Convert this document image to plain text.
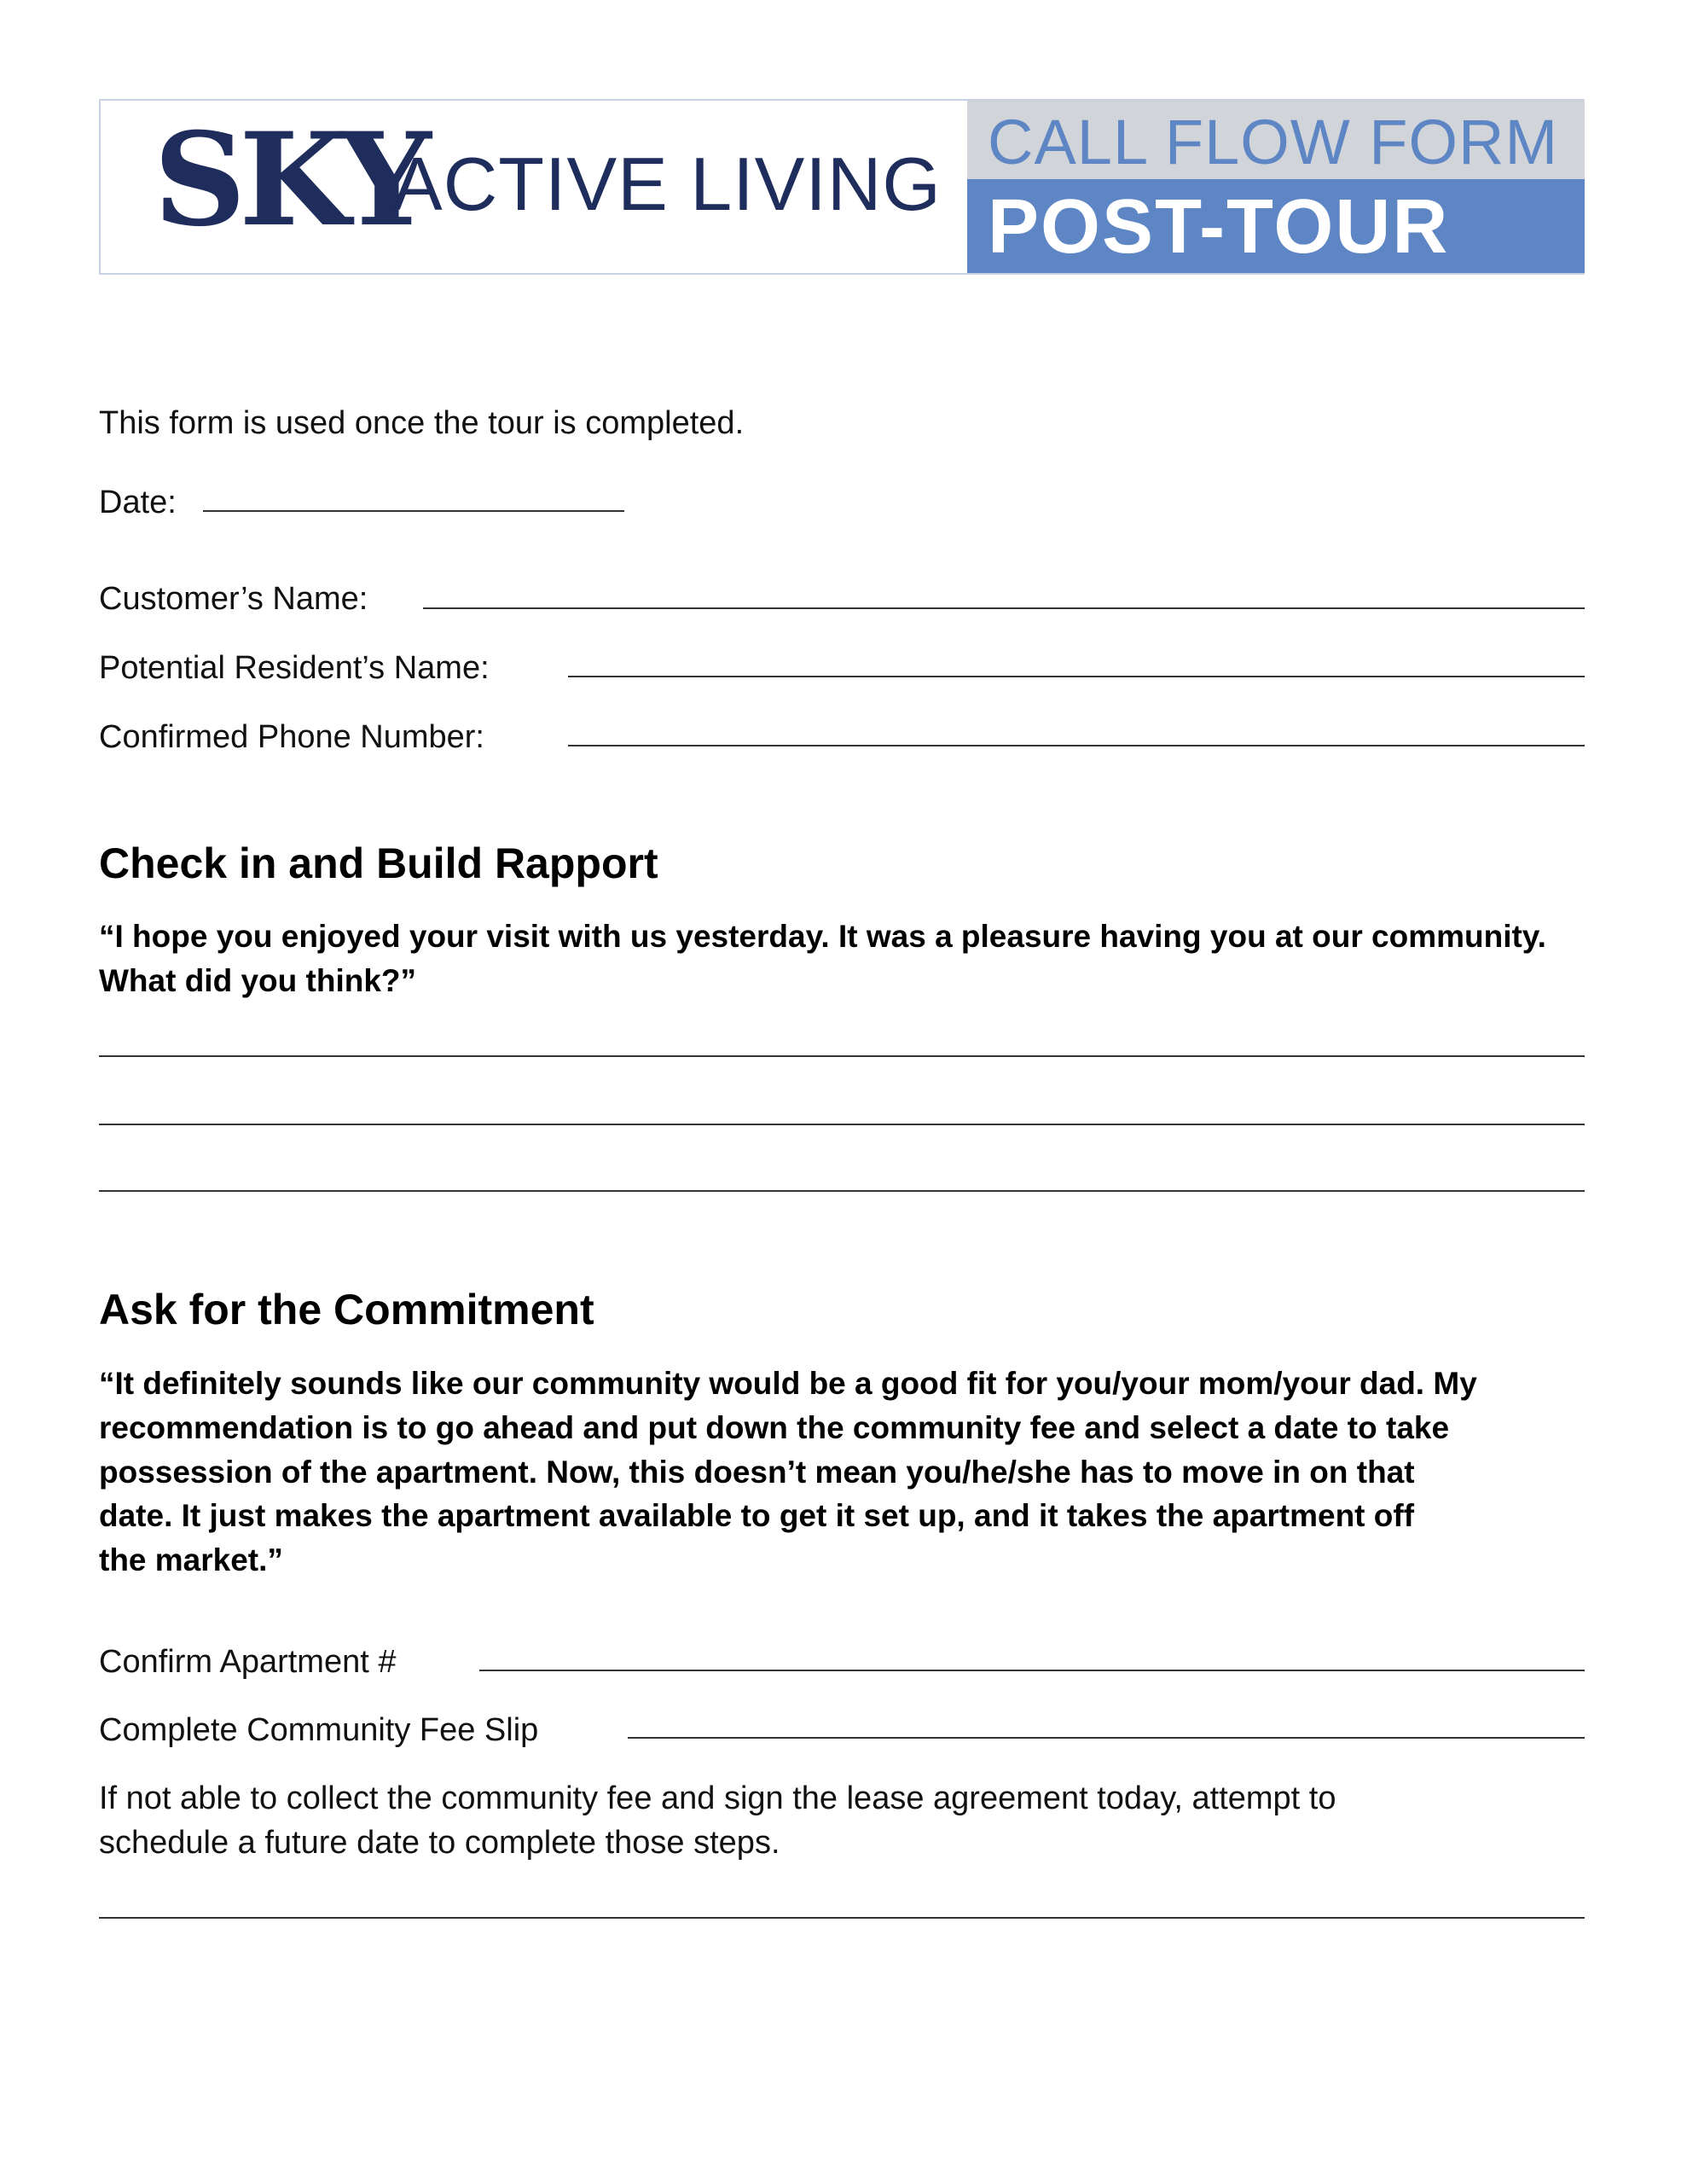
SKY
ACTIVE LIVING CALL FLOW FORM
POST-TOUR
This form is used once the tour is completed.
Date:
Customer’s Name:
Potential Resident’s Name:
Confirmed Phone Number:
Check in and Build Rapport
“I hope you enjoyed your visit with us yesterday. It was a pleasure having you at our community.
What did you think?”
Ask for the Commitment
“It definitely sounds like our community would be a good fit for you/your mom/your dad. My
recommendation is to go ahead and put down the community fee and select a date to take
possession of the apartment. Now, this doesn’t mean you/he/she has to move in on that
date. It just makes the apartment available to get it set up, and it takes the apartment off
the market.”
Confirm Apartment #
Complete Community Fee Slip
If not able to collect the community fee and sign the lease agreement today, attempt to
schedule a future date to complete those steps.
